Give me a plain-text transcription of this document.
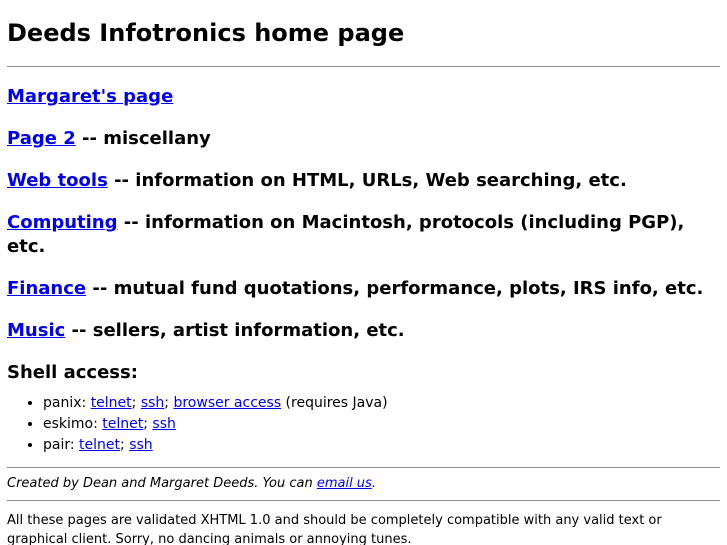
Deeds Infotronics home page

Margaret's page

Page 2 -- miscellany

Web tools -- information on HTML, URLs, Web searching, etc.

Computing -- information on Macintosh, protocols (including PGP), etc.

Finance -- mutual fund quotations, performance, plots, IRS info, etc.

Music -- sellers, artist information, etc.

Shell access:

• panix: telnet; ssh; browser access (requires Java)
• eskimo: telnet; ssh
• pair: telnet; ssh

Created by Dean and Margaret Deeds. You can email us.

All these pages are validated XHTML 1.0 and should be completely compatible with any valid text or graphical client. Sorry, no dancing animals or annoying tunes.
